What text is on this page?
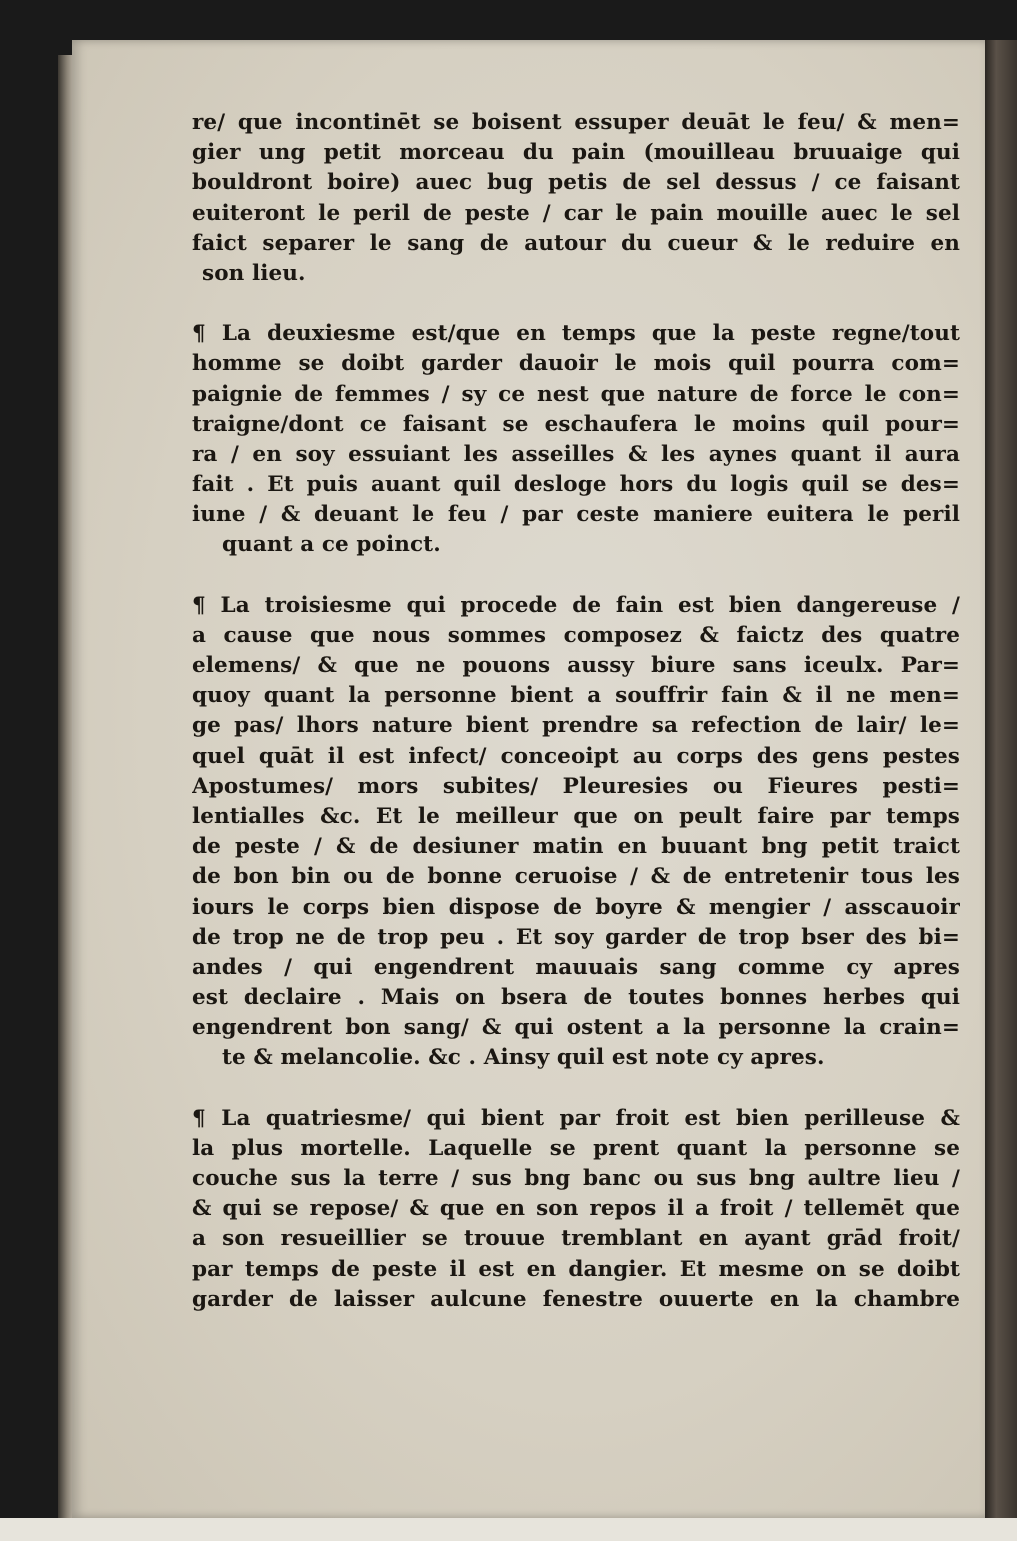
re/ que incontinēt se boisent essuper deuāt le feu/ & men=
gier ung petit morceau du pain (mouilleau bruuaige qui
bouldront boire) auec bug petis de sel dessus / ce faisant
euiteront le peril de peste / car le pain mouille auec le sel
faict separer le sang de autour du cueur & le reduire en
son lieu.
¶ La deuxiesme est/que en temps que la peste regne/tout
homme se doibt garder dauoir le mois quil pourra com=
paignie de femmes / sy ce nest que nature de force le con=
traigne/dont ce faisant se eschaufera le moins quil pour=
ra / en soy essuiant les asseilles & les aynes quant il aura
fait . Et puis auant quil desloge hors du logis quil se des=
iune / & deuant le feu / par ceste maniere euitera le peril
quant a ce poinct.
¶ La troisiesme qui procede de fain est bien dangereuse /
a cause que nous sommes composez & faictz des quatre
elemens/ & que ne pouons aussy biure sans iceulx. Par=
quoy quant la personne bient a souffrir fain & il ne men=
ge pas/ lhors nature bient prendre sa refection de lair/ le=
quel quāt il est infect/ conceoipt au corps des gens pestes
Apostumes/ mors subites/ Pleuresies ou Fieures pesti=
lentialles &c. Et le meilleur que on peult faire par temps
de peste / & de desiuner matin en buuant bng petit traict
de bon bin ou de bonne ceruoise / & de entretenir tous les
iours le corps bien dispose de boyre & mengier / asscauoir
de trop ne de trop peu . Et soy garder de trop bser des bi=
andes / qui engendrent mauuais sang comme cy apres
est declaire . Mais on bsera de toutes bonnes herbes qui
engendrent bon sang/ & qui ostent a la personne la crain=
te & melancolie. &c . Ainsy quil est note cy apres.
¶ La quatriesme/ qui bient par froit est bien perilleuse &
la plus mortelle. Laquelle se prent quant la personne se
couche sus la terre / sus bng banc ou sus bng aultre lieu /
& qui se repose/ & que en son repos il a froit / tellemēt que
a son resueillier se trouue tremblant en ayant grād froit/
par temps de peste il est en dangier. Et mesme on se doibt
garder de laisser aulcune fenestre ouuerte en la chambre
